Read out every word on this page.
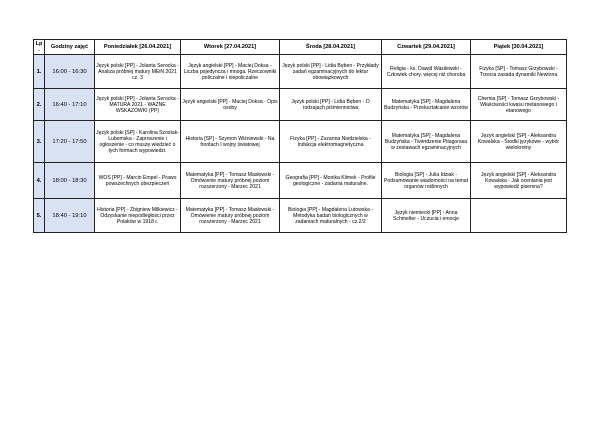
Lp.	Godziny zajęć	Poniedziałek [26.04.2021]	Wtorek [27.04.2021]	Środa [28.04.2021]	Czwartek [29.04.2021]	Piątek [30.04.2021]
1.	16:00 - 16:30	Język polski [PP] - Jolanta Serocka - Analiza próbnej matury MEiN 2021 cz. 3	Język angielski [PP] - Maciej Doksa - Liczba pojedyncza i mnoga. Rzeczowniki policzalne i niepoliczalne	Język polski [PP] - Lidia Bęben - Przykłady zadań egzaminacyjnych do lektur obowiązkowych	Religia - ks. Dawid Wasilewski - Człowiek chory, więcej niż choroba	Fizyka [SP] - Tomasz Grzybowski - Trzecia zasada dynamiki Newtona
2.	16:40 - 17:10	Język polski [PP] - Jolanta Serocka - MATURA 2021 - WAŻNE WSKAZÓWKI (PP)	Język angielski [PP] - Maciej Doksa - Opis osoby	Język polski [PP] - Lidia Bęben - O rodzajach piśmiennictwa	Matematyka [SP] - Magdalena Budzyńska - Przekształcanie wzorów	Chemia [SP] - Tomasz Grzybowski - Właściwości kwasu metanowego i etanowego
3.	17:20 - 17:50	Język polski [SP] - Karolina Szostak-Lubomska - Zaproszenie i ogłoszenie - co muszę wiedzieć o tych formach wypowiedzi.	Historia [SP] - Szymon Wiśniewski - Na frontach I wojny światowej	Fizyka [PP] - Zuzanna Niedzielska - Indukcja elektromagnetyczna	Matematyka [SP] - Magdalena Budzyńska - Twierdzenie Pitagorasa w zestawach egzaminacyjnych	Język angielski [SP] - Aleksandra Kowalska - Środki językowe - wybór wielokrotny
4.	18:00 - 18:30	WOS [PP] - Marcin Empel - Prawo powszechnych ubezpieczeń	Matematyka [PP] - Tomasz Masłowski - Omówienie matury próbnej poziom rozszerzony - Marzec 2021	Geografia [PP] - Monika Klimek - Profile geologiczne - zadania maturalne.	Biologia [SP] - Julia Idziak - Podsumowanie wiadomości na temat organów roślinnych	Język angielski [SP] - Aleksandra Kowalska - Jak oceniania jest wypowiedź pisemna?
5.	18:40 - 19:10	Historia [PP] - Zbigniew Milkiewicz - Odzyskanie niepodległości przez Polaków w 1918 r.	Matematyka [PP] - Tomasz Masłowski - Omówienie matury próbnej poziom rozszerzony - Marzec 2021	Biologia [PP] - Magdalena Lutowska - Metodyka badań biologicznych w zadaniach maturalnych - cz.2/2	Język niemiecki [PP] - Anna Schmelter - Uczucia i emocje	
